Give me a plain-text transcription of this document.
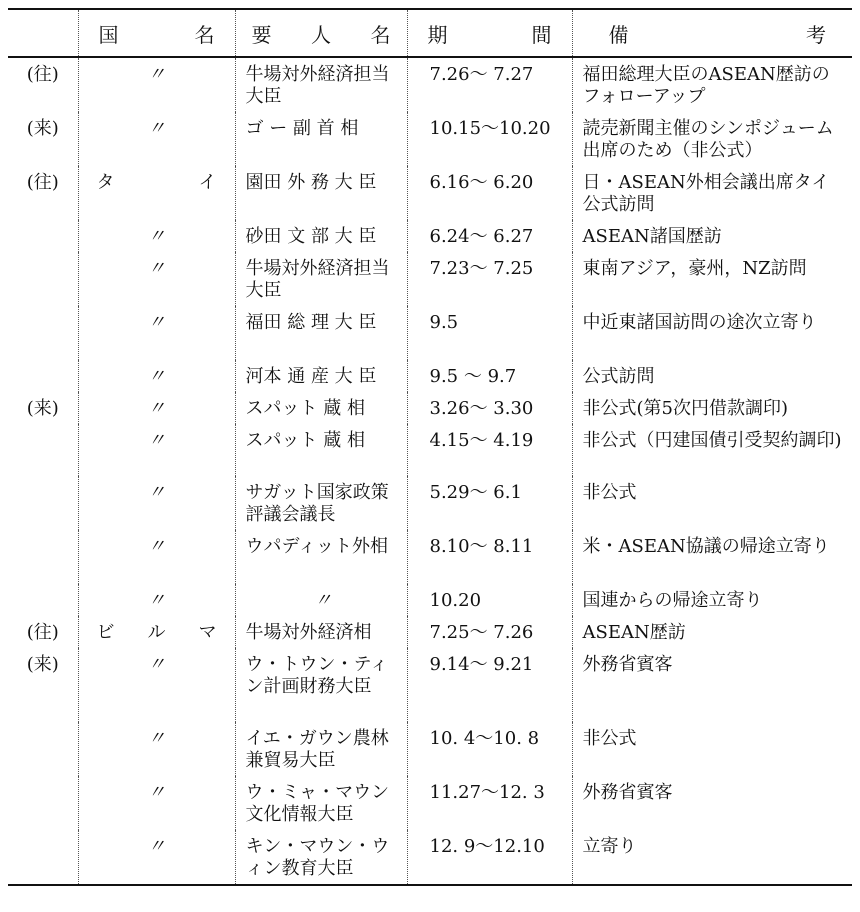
	国 名	要 人 名	期 間	備 考

(往)	〃	牛場対外経済担当大臣	7.26～ 7.27	福田総理大臣のASEAN歴訪のフォローアップ
(来)	〃	ゴ ー 副 首 相	10.15～10.20	読売新聞主催のシンポジューム出席のため（非公式）
(往)	タ イ	園田 外 務 大 臣	6.16～ 6.20	日・ASEAN外相会議出席タイ公式訪問

	〃	砂田 文 部 大 臣	6.24～ 6.27	ASEAN諸国歴訪

	〃	牛場対外経済担当大臣	7.23～ 7.25	東南アジア，豪州，NZ訪問

	〃	福田 総 理 大 臣	9.5	中近東諸国訪問の途次立寄り

	〃	河本 通 産 大 臣	9.5 ～ 9.7	公式訪問
(来)	〃	スパット 蔵 相	3.26～ 3.30	非公式(第5次円借款調印)

	〃	スパット 蔵 相	4.15～ 4.19	非公式（円建国債引受契約調印)

	〃	サガット国家政策評議会議長	5.29～ 6.1	非公式

	〃	ウパディット外相	8.10～ 8.11	米・ASEAN協議の帰途立寄り

	〃	〃	10.20	国連からの帰途立寄り
(往)	ビ ル マ	牛場対外経済相	7.25～ 7.26	ASEAN歴訪
(来)	〃	ウ・トウン・ティン計画財務大臣	9.14～ 9.21	外務省賓客

	〃	イエ・ガウン農林兼貿易大臣	10. 4～10. 8	非公式

	〃	ウ・ミャ・マウン文化情報大臣	11.27～12. 3	外務省賓客

	〃	キン・マウン・ウィン教育大臣	12. 9～12.10	立寄り
